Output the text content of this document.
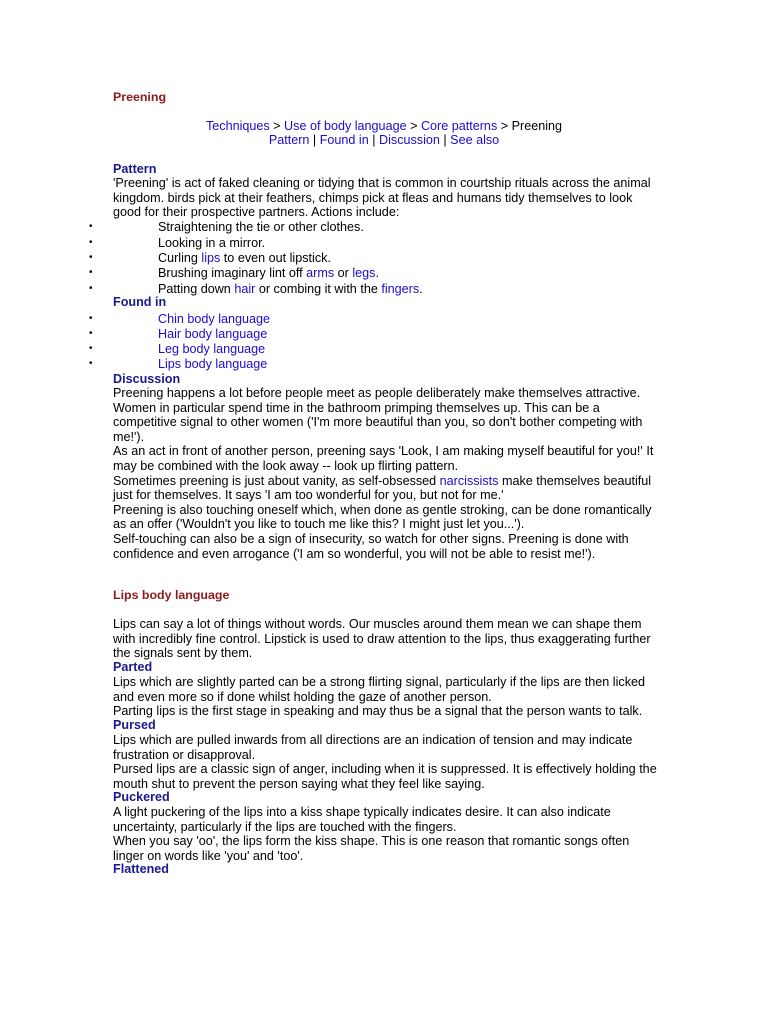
Preening
Techniques > Use of body language > Core patterns > Preening
Pattern | Found in | Discussion | See also
Pattern
'Preening' is act of faked cleaning or tidying that is common in courtship rituals across the animal kingdom. birds pick at their feathers, chimps pick at fleas and humans tidy themselves to look good for their prospective partners. Actions include:
•	Straightening the tie or other clothes.
•	Looking in a mirror.
•	Curling lips to even out lipstick.
•	Brushing imaginary lint off arms or legs.
•	Patting down hair or combing it with the fingers.
Found in
•	Chin body language
•	Hair body language
•	Leg body language
•	Lips body language
Discussion

Preening happens a lot before people meet as people deliberately make themselves attractive. Women in particular spend time in the bathroom primping themselves up. This can be a competitive signal to other women ('I'm more beautiful than you, so don't bother competing with me!').

As an act in front of another person, preening says 'Look, I am making myself beautiful for you!' It may be combined with the look away -- look up flirting pattern.

Sometimes preening is just about vanity, as self-obsessed narcissists make themselves beautiful just for themselves. It says 'I am too wonderful for you, but not for me.'

Preening is also touching oneself which, when done as gentle stroking, can be done romantically as an offer ('Wouldn't you like to touch me like this? I might just let you...').

Self-touching can also be a sign of insecurity, so watch for other signs. Preening is done with confidence and even arrogance ('I am so wonderful, you will not be able to resist me!').

Lips body language
Lips can say a lot of things without words. Our muscles around them mean we can shape them with incredibly fine control. Lipstick is used to draw attention to the lips, thus exaggerating further the signals sent by them.
Parted

Lips which are slightly parted can be a strong flirting signal, particularly if the lips are then licked and even more so if done whilst holding the gaze of another person.

Parting lips is the first stage in speaking and may thus be a signal that the person wants to talk.

Pursed

Lips which are pulled inwards from all directions are an indication of tension and may indicate frustration or disapproval.

Pursed lips are a classic sign of anger, including when it is suppressed. It is effectively holding the mouth shut to prevent the person saying what they feel like saying.

Puckered

A light puckering of the lips into a kiss shape typically indicates desire. It can also indicate uncertainty, particularly if the lips are touched with the fingers.

When you say 'oo', the lips form the kiss shape. This is one reason that romantic songs often linger on words like 'you' and 'too'.

Flattened
